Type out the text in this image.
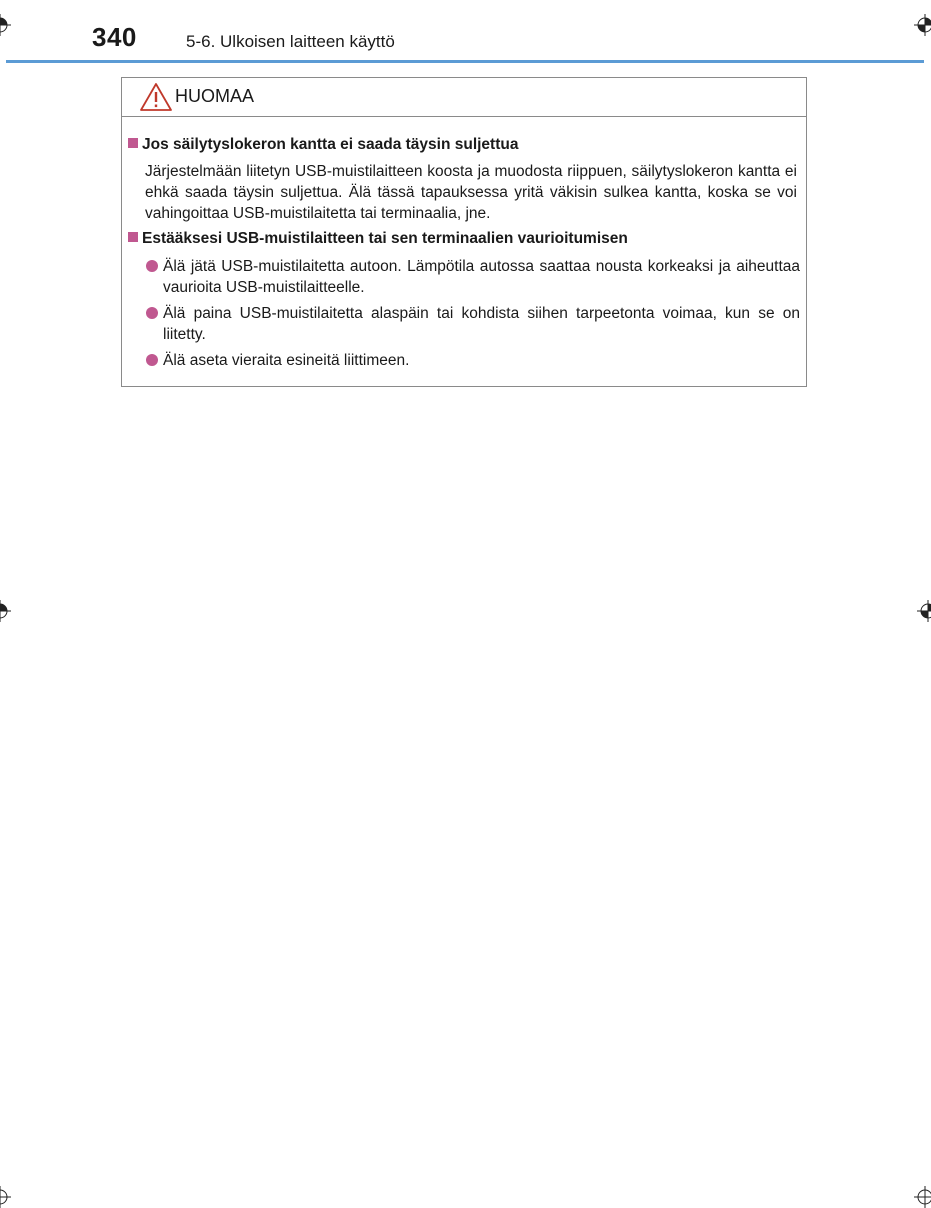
340	5-6. Ulkoisen laitteen käyttö
HUOMAA
Jos säilytyslokeron kantta ei saada täysin suljettua
Järjestelmään liitetyn USB-muistilaitteen koosta ja muodosta riippuen, säilytyslokeron kantta ei ehkä saada täysin suljettua. Älä tässä tapauksessa yritä väkisin sulkea kantta, koska se voi vahingoittaa USB-muistilaitetta tai terminaalia, jne.
Estääksesi USB-muistilaitteen tai sen terminaalien vaurioitumisen
Älä jätä USB-muistilaitetta autoon. Lämpötila autossa saattaa nousta korkeaksi ja aiheuttaa vaurioita USB-muistilaitteelle.
Älä paina USB-muistilaitetta alaspäin tai kohdista siihen tarpeetonta voimaa, kun se on liitetty.
Älä aseta vieraita esineitä liittimeen.
